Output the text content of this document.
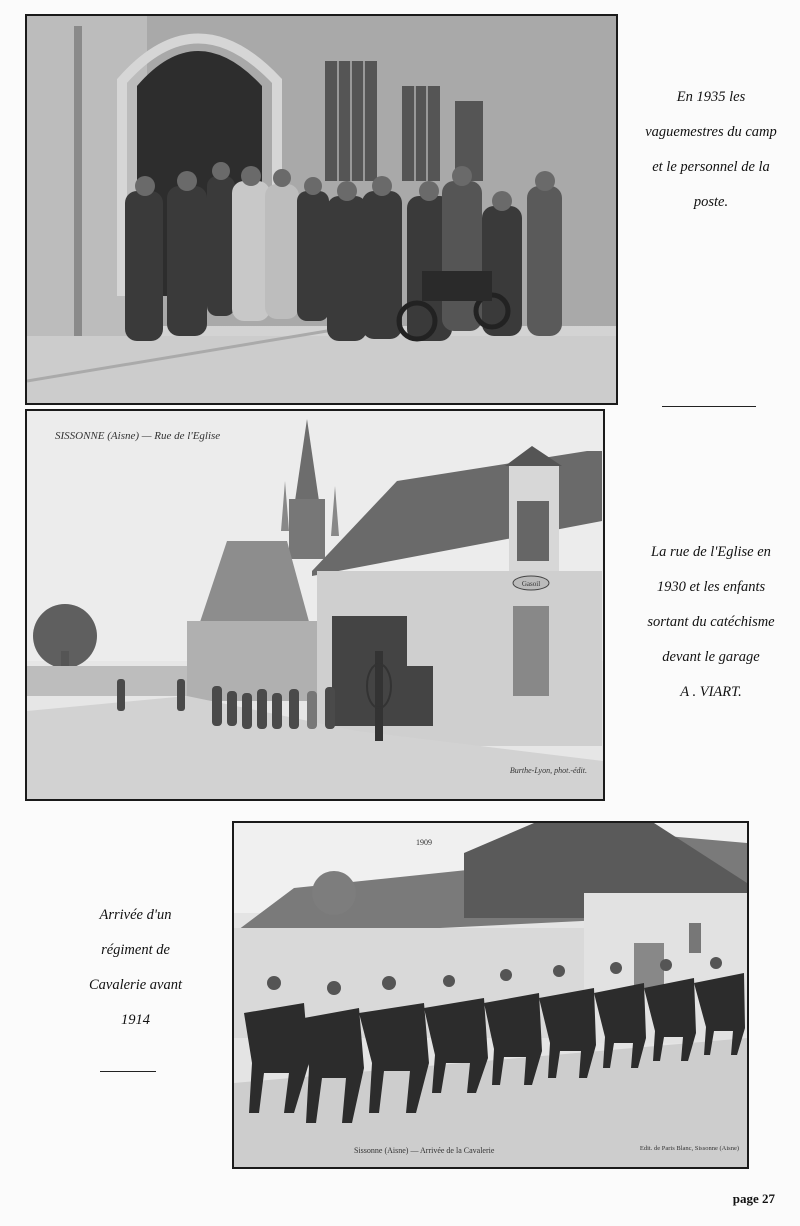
En 1935 les
vaguemestres du camp
et le personnel de la
poste.
Gasoil
SISSONNE (Aisne) — Rue de l'Eglise
Burthe-Lyon, phot.-édit.
La rue de l'Eglise en
1930 et les enfants
sortant du catéchisme
devant le garage
A . VIART.
1909
Sissonne (Aisne) — Arrivée de la Cavalerie	Edit. de Paris Blanc, Sissonne (Aisne)
Arrivée d'un
régiment de
Cavalerie avant
1914
page 27
